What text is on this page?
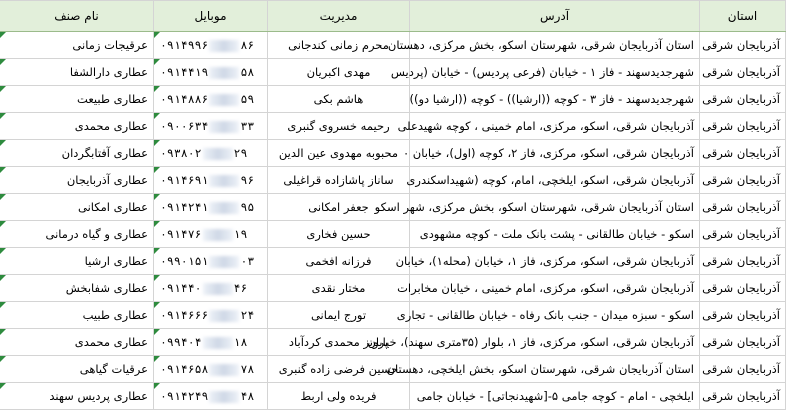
استان	آدرس	مدیریت	موبایل	نام صنف
آذربایجان شرقی	استان آذربایجان شرقی، شهرستان اسکو، بخش مرکزی، دهستان	محرم زمانی کندجانی	۰۹۱۴۹۹۶ ۸۶	عرقیجات زمانی

آذربایجان شرقی	شهرجدیدسهند - فاز ۱ - خیابان (فرعی پردیس) - خیابان (پردیس	مهدی اکبریان	۰۹۱۴۴۱۹ ۵۸	عطاری دارالشفا

آذربایجان شرقی	شهرجدیدسهند - فاز ۳ - کوچه ((ارشیا)) - کوچه ((ارشیا دو))	هاشم بکی	۰۹۱۴۸۸۶ ۵۹	عطاری طبیعت

آذربایجان شرقی	آذربایجان شرقی، اسکو، مرکزی، امام خمینی ، کوچه شهیدعلی	رحیمه خسروی گنبری	۰۹۰۰۶۳۴ ۳۳	عطاری محمدی

آذربایجان شرقی	آذربایجان شرقی، اسکو، مرکزی، فاز ۲، کوچه (اول)، خیابان ۰	محبوبه مهدوی عین الدین	۰۹۳۸۰۲ ۲۹	عطاری آفتابگردان

آذربایجان شرقی	آذربایجان شرقی، اسکو، ایلخچی، امام، کوچه (شهیداسکندری	ساناز پاشازاده قراغیلی	۰۹۱۴۶۹۱ ۹۶	عطاری آذربایجان

آذربایجان شرقی	استان آذربایجان شرقی، شهرستان اسکو، بخش مرکزی، شهر اسکو	جعفر امکانی	۰۹۱۴۲۴۱ ۹۵	عطاری امکانی

آذربایجان شرقی	اسکو - خیابان طالقانی - پشت بانک ملت - کوچه مشهودی	حسین فخاری	۰۹۱۴۷۶ ۱۹	عطاری و گیاه درمانی

آذربایجان شرقی	آذربایجان شرقی، اسکو، مرکزی، فاز ۱، خیابان (محله۱)، خیابان	فرزانه افخمی	۰۹۹۰۱۵۱ ۰۳	عطاری ارشیا

آذربایجان شرقی	آذربایجان شرقی، اسکو، مرکزی، امام خمینی ، خیابان مخابرات	مختار نقدی	۰۹۱۴۴۰ ۴۶	عطاری شفابخش

آذربایجان شرقی	اسکو - سبزه میدان - جنب بانک رفاه - خیابان طالقانی - تجاری	تورج ایمانی	۰۹۱۴۶۶۶ ۲۴	عطاری طبیب

آذربایجان شرقی	آذربایجان شرقی، اسکو، مرکزی، فاز ۱، بلوار (۳۵متری سهند)، خیابان	پرویز محمدی کردآباد	۰۹۹۴۰۴ ۱۸	عطاری محمدی

آذربایجان شرقی	استان آذربایجان شرقی، شهرستان اسکو، بخش ایلخچی، دهستان	حسین فرضی زاده گنبری	۰۹۱۴۶۵۸ ۷۸	عرقیات گیاهی

آذربایجان شرقی	ایلخچی - امام - کوچه جامی ۵-[شهیدنجاتی] - خیابان جامی	فریده ولی اربط	۰۹۱۴۲۴۹ ۴۸	عطاری پردیس سهند
